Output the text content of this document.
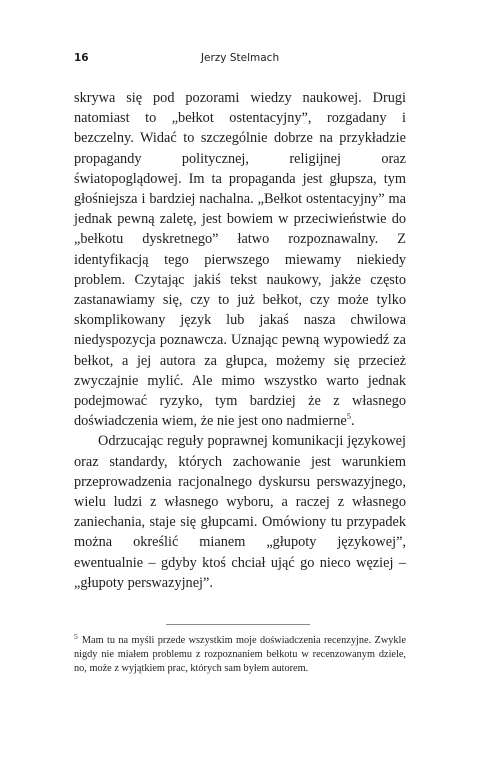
16	Jerzy Stelmach

skrywa się pod pozorami wiedzy naukowej. Drugi natomiast to „bełkot ostentacyjny”, rozgadany i bezczelny. Widać to szczególnie dobrze na przykładzie propagandy politycznej, religijnej oraz światopoglądowej. Im ta propaganda jest głupsza, tym głośniejsza i bardziej nachalna. „Bełkot ostentacyjny” ma jednak pewną zaletę, jest bowiem w przeciwieństwie do „bełkotu dyskretnego” łatwo rozpoznawalny. Z identyfikacją tego pierwszego miewamy niekiedy problem. Czytając jakiś tekst naukowy, jakże często zastanawiamy się, czy to już bełkot, czy może tylko skomplikowany język lub jakaś nasza chwilowa niedyspozycja poznawcza. Uznając pewną wypowiedź za bełkot, a jej autora za głupca, możemy się przecież zwyczajnie mylić. Ale mimo wszystko warto jednak podejmować ryzyko, tym bardziej że z własnego doświadczenia wiem, że nie jest ono nadmierne$^5$.

Odrzucając reguły poprawnej komunikacji językowej oraz standardy, których zachowanie jest warunkiem przeprowadzenia racjonalnego dyskursu perswazyjnego, wielu ludzi z własnego wyboru, a raczej z własnego zaniechania, staje się głupcami. Omówiony tu przypadek można określić mianem „głupoty językowej”, ewentualnie – gdyby ktoś chciał ująć go nieco węziej – „głupoty perswazyjnej”.

$^5$ Mam tu na myśli przede wszystkim moje doświadczenia recenzyjne. Zwykle nigdy nie miałem problemu z rozpoznaniem bełkotu w recenzowanym dziele, no, może z wyjątkiem prac, których sam byłem autorem.
